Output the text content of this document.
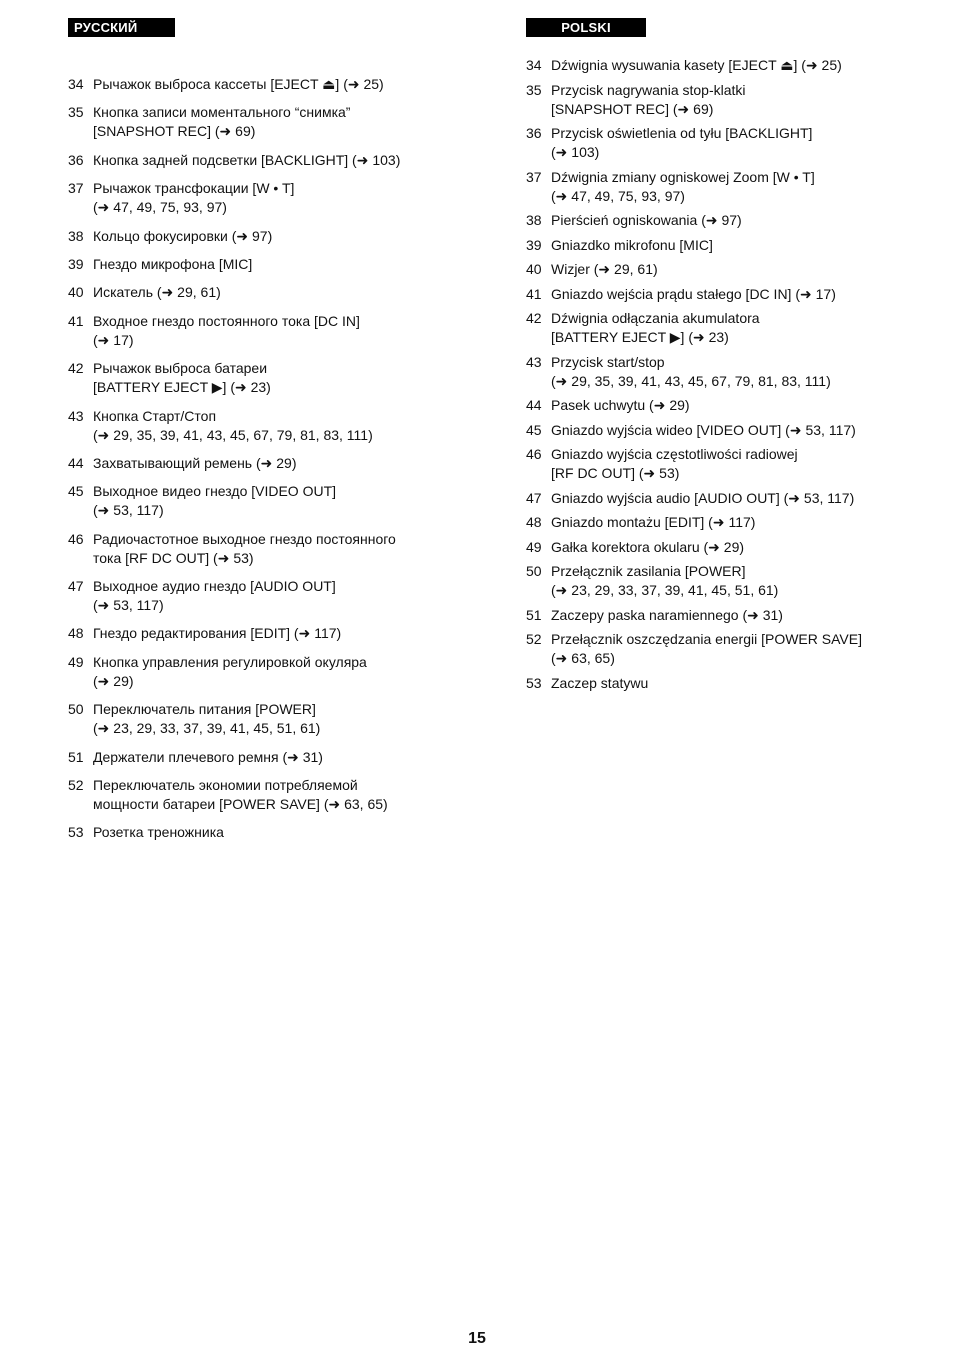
РУССКИЙ ЯЗЫК
34 Рычажок выброса кассеты [EJECT ⏏] (➜ 25)
35 Кнопка записи моментального “снимка”
[SNAPSHOT REC] (➜ 69)
36 Кнопка задней подсветки [BACKLIGHT] (➜ 103)
37 Рычажок трансфокации [W • T]
(➜ 47, 49, 75, 93, 97)
38 Кольцо фокусировки (➜ 97)
39 Гнездо микрофона [MIC]
40 Искатель (➜ 29, 61)
41 Входное гнездо постоянного тока [DC IN]
(➜ 17)
42 Рычажок выброса батареи
[BATTERY EJECT ▶] (➜ 23)
43 Кнопка Старт/Стоп
(➜ 29, 35, 39, 41, 43, 45, 67, 79, 81, 83, 111)
44 Захватывающий ремень (➜ 29)
45 Выходное видео гнездо [VIDEO OUT]
(➜ 53, 117)
46 Радиочастотное выходное гнездо постоянного
тока [RF DC OUT] (➜ 53)
47 Выходное аудио гнездо [AUDIO OUT]
(➜ 53, 117)
48 Гнездо редактирования [EDIT] (➜ 117)
49 Кнопка управления регулировкой окуляра
(➜ 29)
50 Переключатель питания [POWER]
(➜ 23, 29, 33, 37, 39, 41, 45, 51, 61)
51 Держатели плечевого ремня (➜ 31)
52 Переключатель экономии потребляемой
мощности батареи [POWER SAVE] (➜ 63, 65)
53 Розетка треножника
POLSKI
34 Dźwignia wysuwania kasety [EJECT ⏏] (➜ 25)
35 Przycisk nagrywania stop-klatki
[SNAPSHOT REC] (➜ 69)
36 Przycisk oświetlenia od tyłu [BACKLIGHT]
(➜ 103)
37 Dźwignia zmiany ogniskowej Zoom [W • T]
(➜ 47, 49, 75, 93, 97)
38 Pierścień ogniskowania (➜ 97)
39 Gniazdko mikrofonu [MIC]
40 Wizjer (➜ 29, 61)
41 Gniazdo wejścia prądu stałego [DC IN] (➜ 17)
42 Dźwignia odłączania akumulatora
[BATTERY EJECT ▶] (➜ 23)
43 Przycisk start/stop
(➜ 29, 35, 39, 41, 43, 45, 67, 79, 81, 83, 111)
44 Pasek uchwytu (➜ 29)
45 Gniazdo wyjścia wideo [VIDEO OUT] (➜ 53, 117)
46 Gniazdo wyjścia częstotliwości radiowej
[RF DC OUT] (➜ 53)
47 Gniazdo wyjścia audio [AUDIO OUT] (➜ 53, 117)
48 Gniazdo montażu [EDIT] (➜ 117)
49 Gałka korektora okularu (➜ 29)
50 Przełącznik zasilania [POWER]
(➜ 23, 29, 33, 37, 39, 41, 45, 51, 61)
51 Zaczepy paska naramiennego (➜ 31)
52 Przełącznik oszczędzania energii [POWER SAVE]
(➜ 63, 65)
53 Zaczep statywu
15
